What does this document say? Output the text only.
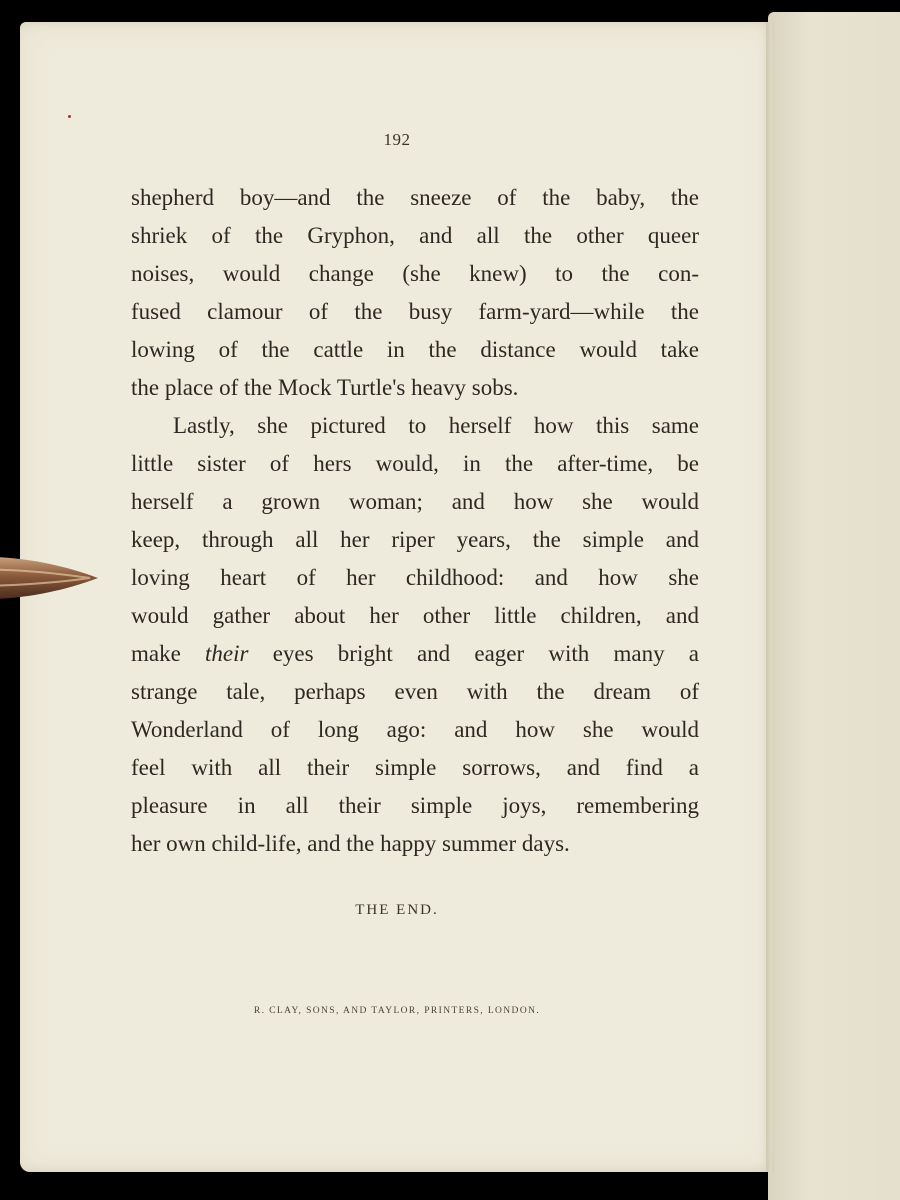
192
shepherd boy—and the sneeze of the baby, the
shriek of the Gryphon, and all the other queer
noises, would change (she knew) to the con-
fused clamour of the busy farm-yard—while the
lowing of the cattle in the distance would take
the place of the Mock Turtle's heavy sobs.
Lastly, she pictured to herself how this same
little sister of hers would, in the after-time, be
herself a grown woman; and how she would
keep, through all her riper years, the simple and
loving heart of her childhood: and how she
would gather about her other little children, and
make their eyes bright and eager with many a
strange tale, perhaps even with the dream of
Wonderland of long ago: and how she would
feel with all their simple sorrows, and find a
pleasure in all their simple joys, remembering
her own child-life, and the happy summer days.
THE END.
R. CLAY, SONS, AND TAYLOR, PRINTERS, LONDON.
